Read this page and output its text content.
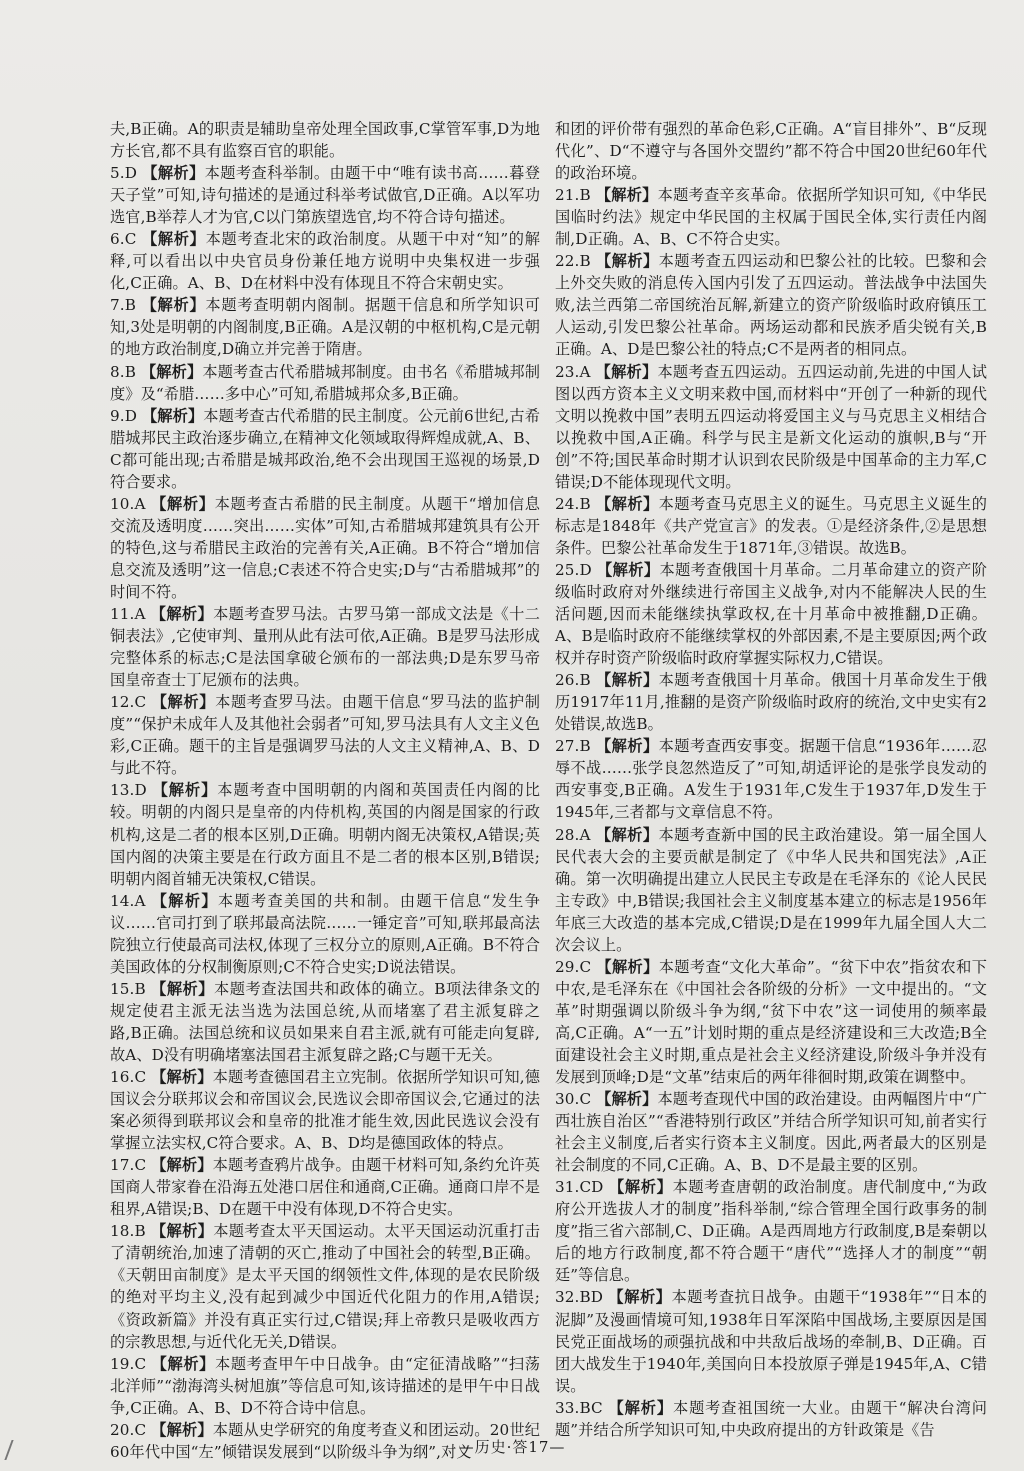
夫,B正确。A的职责是辅助皇帝处理全国政事,C掌管军事,D为地方长官,都不具有监察百官的职能。

5.D 【解析】本题考查科举制。由题干中“唯有读书高……暮登天子堂”可知,诗句描述的是通过科举考试做官,D正确。A以军功选官,B举荐人才为官,C以门第族望选官,均不符合诗句描述。

6.C 【解析】本题考查北宋的政治制度。从题干中对“知”的解释,可以看出以中央官员身份兼任地方说明中央集权进一步强化,C正确。A、B、D在材料中没有体现且不符合宋朝史实。

7.B 【解析】本题考查明朝内阁制。据题干信息和所学知识可知,3处是明朝的内阁制度,B正确。A是汉朝的中枢机构,C是元朝的地方政治制度,D确立并完善于隋唐。

8.B 【解析】本题考查古代希腊城邦制度。由书名《希腊城邦制度》及“希腊……多中心”可知,希腊城邦众多,B正确。

9.D 【解析】本题考查古代希腊的民主制度。公元前6世纪,古希腊城邦民主政治逐步确立,在精神文化领域取得辉煌成就,A、B、C都可能出现;古希腊是城邦政治,绝不会出现国王巡视的场景,D符合要求。

10.A 【解析】本题考查古希腊的民主制度。从题干“增加信息交流及透明度……突出……实体”可知,古希腊城邦建筑具有公开的特色,这与希腊民主政治的完善有关,A正确。B不符合“增加信息交流及透明”这一信息;C表述不符合史实;D与“古希腊城邦”的时间不符。

11.A 【解析】本题考查罗马法。古罗马第一部成文法是《十二铜表法》,它使审判、量刑从此有法可依,A正确。B是罗马法形成完整体系的标志;C是法国拿破仑颁布的一部法典;D是东罗马帝国皇帝查士丁尼颁布的法典。

12.C 【解析】本题考查罗马法。由题干信息“罗马法的监护制度”“保护未成年人及其他社会弱者”可知,罗马法具有人文主义色彩,C正确。题干的主旨是强调罗马法的人文主义精神,A、B、D与此不符。

13.D 【解析】本题考查中国明朝的内阁和英国责任内阁的比较。明朝的内阁只是皇帝的内侍机构,英国的内阁是国家的行政机构,这是二者的根本区别,D正确。明朝内阁无决策权,A错误;英国内阁的决策主要是在行政方面且不是二者的根本区别,B错误;明朝内阁首辅无决策权,C错误。

14.A 【解析】本题考查美国的共和制。由题干信息“发生争议……官司打到了联邦最高法院……一锤定音”可知,联邦最高法院独立行使最高司法权,体现了三权分立的原则,A正确。B不符合美国政体的分权制衡原则;C不符合史实;D说法错误。

15.B 【解析】本题考查法国共和政体的确立。B项法律条文的规定使君主派无法当选为法国总统,从而堵塞了君主派复辟之路,B正确。法国总统和议员如果来自君主派,就有可能走向复辟,故A、D没有明确堵塞法国君主派复辟之路;C与题干无关。

16.C 【解析】本题考查德国君主立宪制。依据所学知识可知,德国议会分联邦议会和帝国议会,民选议会即帝国议会,它通过的法案必须得到联邦议会和皇帝的批准才能生效,因此民选议会没有掌握立法实权,C符合要求。A、B、D均是德国政体的特点。

17.C 【解析】本题考查鸦片战争。由题干材料可知,条约允许英国商人带家眷在沿海五处港口居住和通商,C正确。通商口岸不是租界,A错误;B、D在题干中没有体现,D不符合史实。

18.B 【解析】本题考查太平天国运动。太平天国运动沉重打击了清朝统治,加速了清朝的灭亡,推动了中国社会的转型,B正确。《天朝田亩制度》是太平天国的纲领性文件,体现的是农民阶级的绝对平均主义,没有起到减少中国近代化阻力的作用,A错误;《资政新篇》并没有真正实行过,C错误;拜上帝教只是吸收西方的宗教思想,与近代化无关,D错误。

19.C 【解析】本题考查甲午中日战争。由“定征清战略”“扫荡北洋师”“渤海湾头树旭旗”等信息可知,该诗描述的是甲午中日战争,C正确。A、B、D不符合诗中信息。

20.C 【解析】本题从史学研究的角度考查义和团运动。20世纪60年代中国“左”倾错误发展到“以阶级斗争为纲”,对义

和团的评价带有强烈的革命色彩,C正确。A“盲目排外”、B“反现代化”、D“不遵守与各国外交盟约”都不符合中国20世纪60年代的政治环境。

21.B 【解析】本题考查辛亥革命。依据所学知识可知,《中华民国临时约法》规定中华民国的主权属于国民全体,实行责任内阁制,D正确。A、B、C不符合史实。

22.B 【解析】本题考查五四运动和巴黎公社的比较。巴黎和会上外交失败的消息传入国内引发了五四运动。普法战争中法国失败,法兰西第二帝国统治瓦解,新建立的资产阶级临时政府镇压工人运动,引发巴黎公社革命。两场运动都和民族矛盾尖锐有关,B正确。A、D是巴黎公社的特点;C不是两者的相同点。

23.A 【解析】本题考查五四运动。五四运动前,先进的中国人试图以西方资本主义文明来救中国,而材料中“开创了一种新的现代文明以挽救中国”表明五四运动将爱国主义与马克思主义相结合以挽救中国,A正确。科学与民主是新文化运动的旗帜,B与“开创”不符;国民革命时期才认识到农民阶级是中国革命的主力军,C错误;D不能体现现代文明。

24.B 【解析】本题考查马克思主义的诞生。马克思主义诞生的标志是1848年《共产党宣言》的发表。①是经济条件,②是思想条件。巴黎公社革命发生于1871年,③错误。故选B。

25.D 【解析】本题考查俄国十月革命。二月革命建立的资产阶级临时政府对外继续进行帝国主义战争,对内不能解决人民的生活问题,因而未能继续执掌政权,在十月革命中被推翻,D正确。A、B是临时政府不能继续掌权的外部因素,不是主要原因;两个政权并存时资产阶级临时政府掌握实际权力,C错误。

26.B 【解析】本题考查俄国十月革命。俄国十月革命发生于俄历1917年11月,推翻的是资产阶级临时政府的统治,文中史实有2处错误,故选B。

27.B 【解析】本题考查西安事变。据题干信息“1936年……忍辱不战……张学良忽然造反了”可知,胡适评论的是张学良发动的西安事变,B正确。A发生于1931年,C发生于1937年,D发生于1945年,三者都与文章信息不符。

28.A 【解析】本题考查新中国的民主政治建设。第一届全国人民代表大会的主要贡献是制定了《中华人民共和国宪法》,A正确。第一次明确提出建立人民民主专政是在毛泽东的《论人民民主专政》中,B错误;我国社会主义制度基本建立的标志是1956年年底三大改造的基本完成,C错误;D是在1999年九届全国人大二次会议上。

29.C 【解析】本题考查“文化大革命”。“贫下中农”指贫农和下中农,是毛泽东在《中国社会各阶级的分析》一文中提出的。“文革”时期强调以阶级斗争为纲,“贫下中农”这一词使用的频率最高,C正确。A“一五”计划时期的重点是经济建设和三大改造;B全面建设社会主义时期,重点是社会主义经济建设,阶级斗争并没有发展到顶峰;D是“文革”结束后的两年徘徊时期,政策在调整中。

30.C 【解析】本题考查现代中国的政治建设。由两幅图片中“广西壮族自治区”“香港特别行政区”并结合所学知识可知,前者实行社会主义制度,后者实行资本主义制度。因此,两者最大的区别是社会制度的不同,C正确。A、B、D不是最主要的区别。

31.CD 【解析】本题考查唐朝的政治制度。唐代制度中,“为政府公开选拔人才的制度”指科举制,“综合管理全国行政事务的制度”指三省六部制,C、D正确。A是西周地方行政制度,B是秦朝以后的地方行政制度,都不符合题干“唐代”“选择人才的制度”“朝廷”等信息。

32.BD 【解析】本题考查抗日战争。由题干“1938年”“日本的泥脚”及漫画情境可知,1938年日军深陷中国战场,主要原因是国民党正面战场的顽强抗战和中共敌后战场的牵制,B、D正确。百团大战发生于1940年,美国向日本投放原子弹是1945年,A、C错误。

33.BC 【解析】本题考查祖国统一大业。由题干“解决台湾问题”并结合所学知识可知,中央政府提出的方针政策是《告

—历史·答17—
